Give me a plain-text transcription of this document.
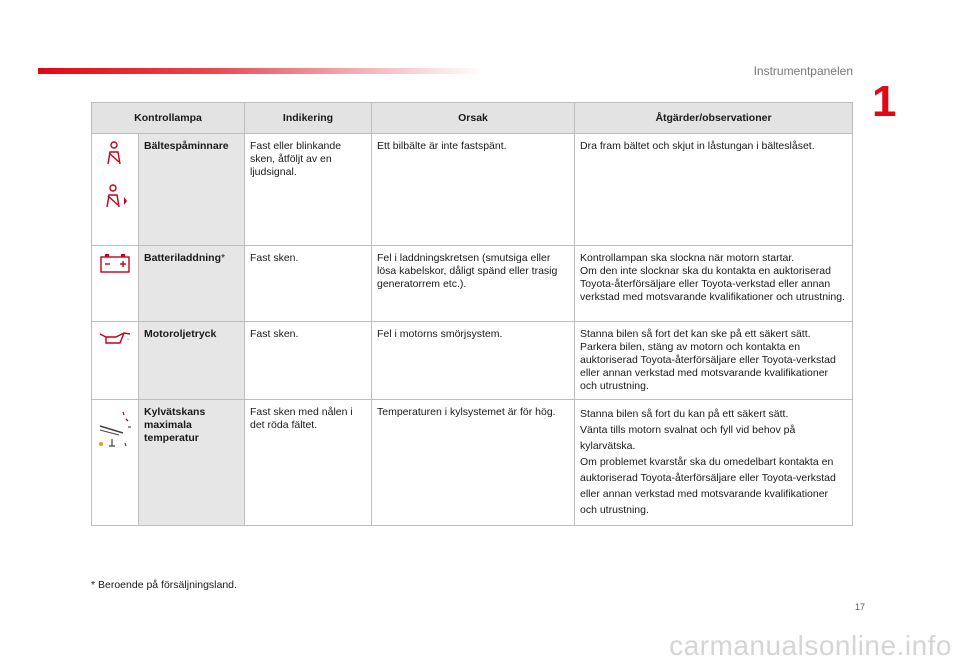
Instrumentpanelen
1
Kontrollampa		Indikering	Orsak	Åtgärder/observationer

	Bältespåminnare	Fast eller blinkande sken, åtföljt av en ljudsignal.	Ett bilbälte är inte fastspänt.	Dra fram bältet och skjut in låstungan i bälteslåset.

	Batteriladdning*	Fast sken.	Fel i laddningskretsen (smutsiga eller lösa kabelskor, dåligt spänd eller trasig generatorrem etc.).	Kontrollampan ska slockna när motorn startar.
Om den inte slocknar ska du kontakta en auktoriserad Toyota-återförsäljare eller Toyota-verkstad eller annan verkstad med motsvarande kvalifikationer och utrustning.

	Motoroljetryck	Fast sken.	Fel i motorns smörjsystem.	Stanna bilen så fort det kan ske på ett säkert sätt.
Parkera bilen, stäng av motorn och kontakta en auktoriserad Toyota-återförsäljare eller Toyota-verkstad eller annan verkstad med motsvarande kvalifikationer och utrustning.

	Kylvätskans maximala temperatur	Fast sken med nålen i det röda fältet.	Temperaturen i kylsystemet är för hög.	Stanna bilen så fort du kan på ett säkert sätt.
Vänta tills motorn svalnat och fyll vid behov på kylarvätska.
Om problemet kvarstår ska du omedelbart kontakta en auktoriserad Toyota-återförsäljare eller Toyota-verkstad eller annan verkstad med motsvarande kvalifikationer och utrustning.
* Beroende på försäljningsland.
17
carmanualsonline.info
